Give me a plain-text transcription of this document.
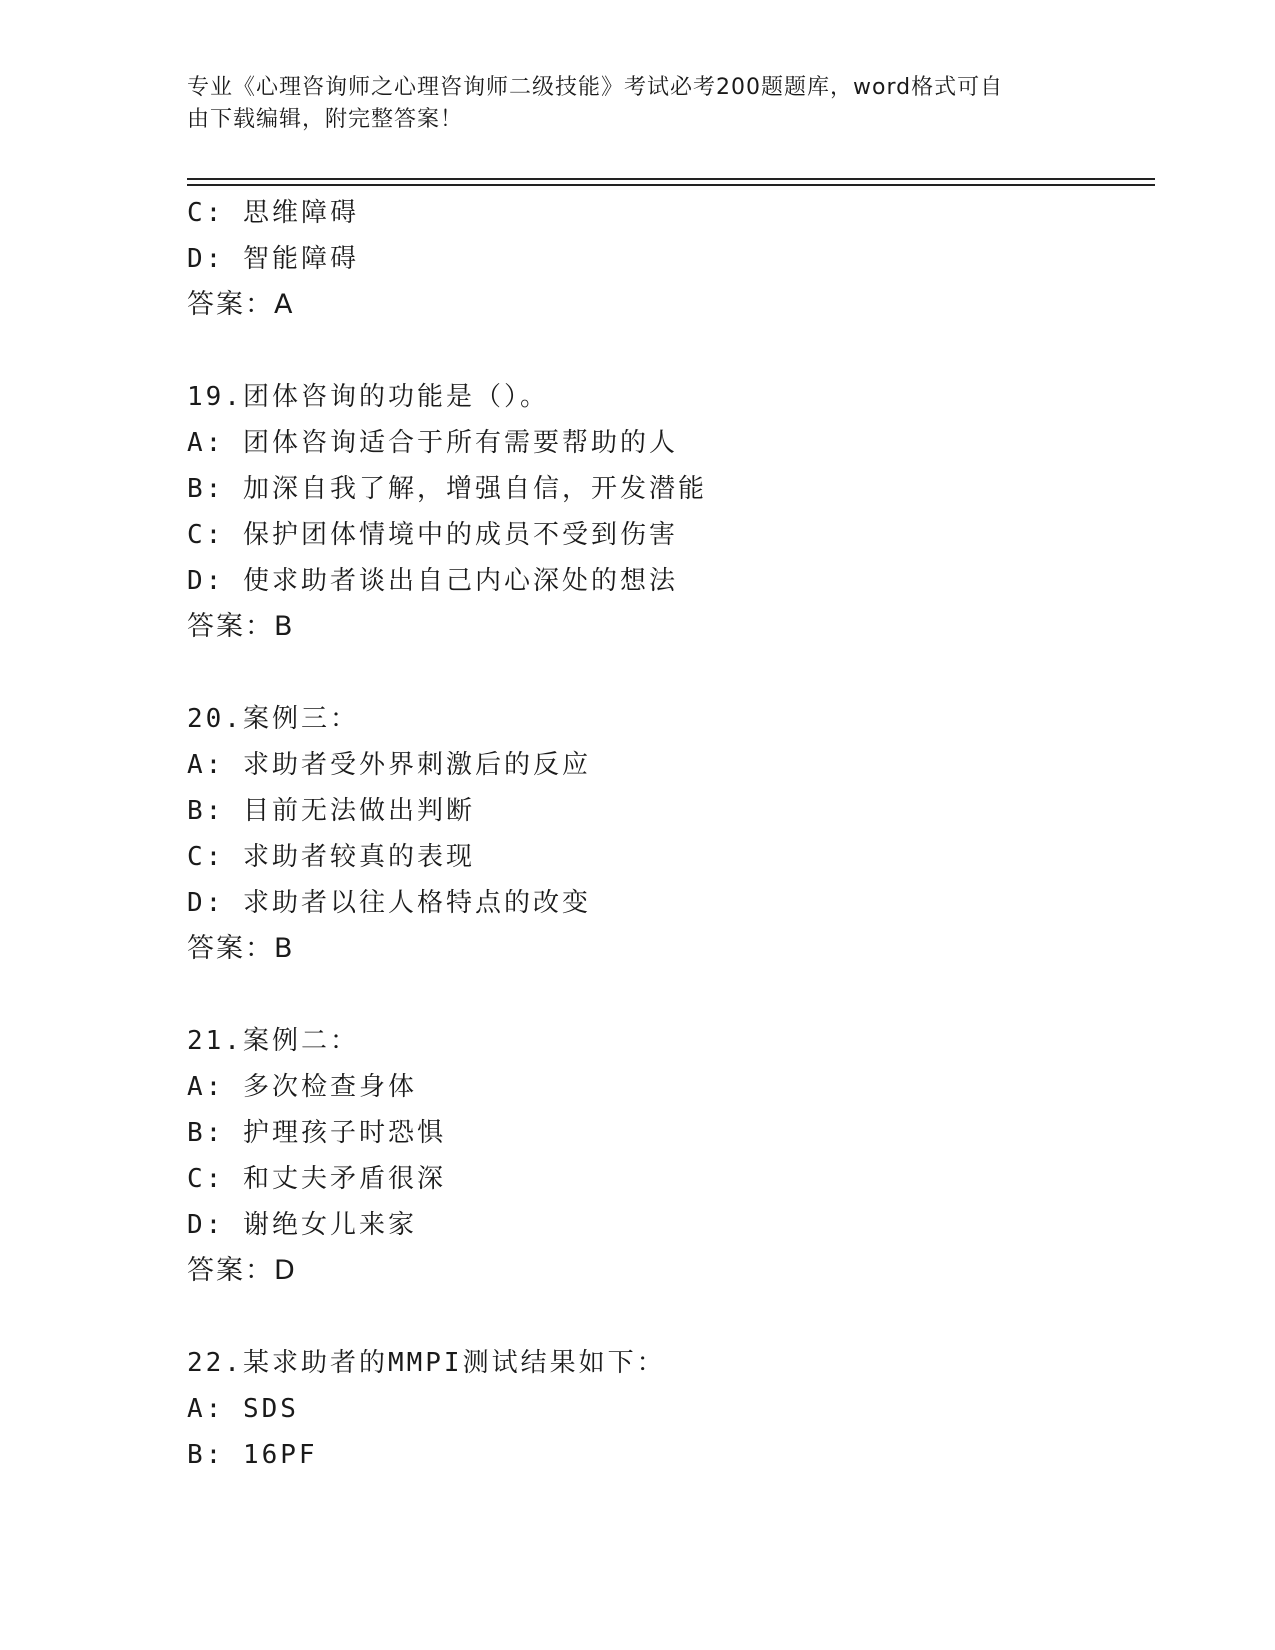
专业《心理咨询师之心理咨询师二级技能》考试必考200题题库，word格式可自
由下载编辑，附完整答案！
C: 思维障碍
D: 智能障碍
答案：A
19.团体咨询的功能是（）。
A: 团体咨询适合于所有需要帮助的人
B: 加深自我了解，增强自信，开发潜能
C: 保护团体情境中的成员不受到伤害
D: 使求助者谈出自己内心深处的想法
答案：B
20.案例三：
A: 求助者受外界刺激后的反应
B: 目前无法做出判断
C: 求助者较真的表现
D: 求助者以往人格特点的改变
答案：B
21.案例二：
A: 多次检查身体
B: 护理孩子时恐惧
C: 和丈夫矛盾很深
D: 谢绝女儿来家
答案：D
22.某求助者的MMPI测试结果如下：
A: SDS
B: 16PF
